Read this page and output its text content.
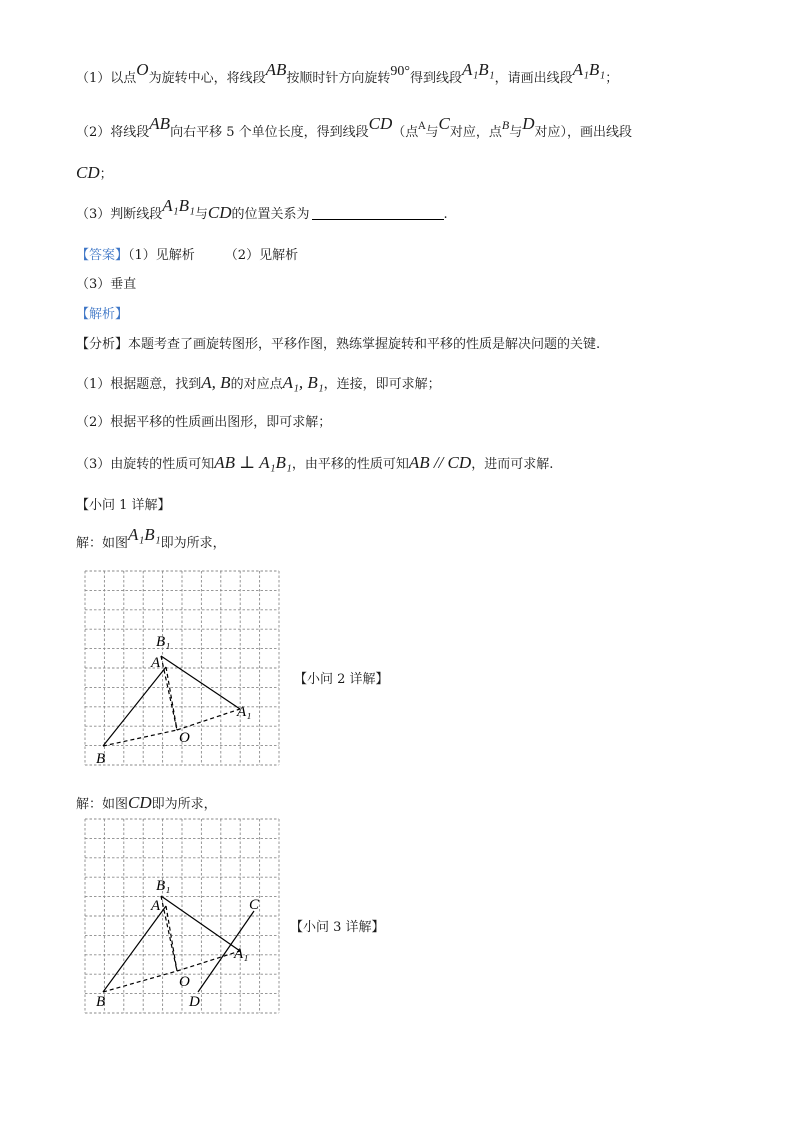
（1）以点O为旋转中心，将线段AB按顺时针方向旋转90°得到线段A₁B₁，请画出线段A₁B₁；
（2）将线段AB向右平移 5 个单位长度，得到线段CD（点$^A$与C对应，点B与D对应），画出线段
CD；
（3）判断线段A₁B₁与CD的位置关系为	.
【答案】（1）见解析 （2）见解析
（3）垂直
【解析】
【分析】本题考查了画旋转图形，平移作图，熟练掌握旋转和平移的性质是解决问题的关键.
（1）根据题意，找到A, B的对应点A₁, B₁，连接，即可求解；
（2）根据平移的性质画出图形，即可求解；
（3）由旋转的性质可知AB ⊥ A₁B₁，由平移的性质可知AB // CD，进而可求解.
【小问 1 详解】
解：如图A₁B₁即为所求，
B₁
A
A₁
O
B
【小问 2 详解】
解：如图CD即为所求，
B₁
A	C
A₁
O
B	D
【小问 3 详解】
